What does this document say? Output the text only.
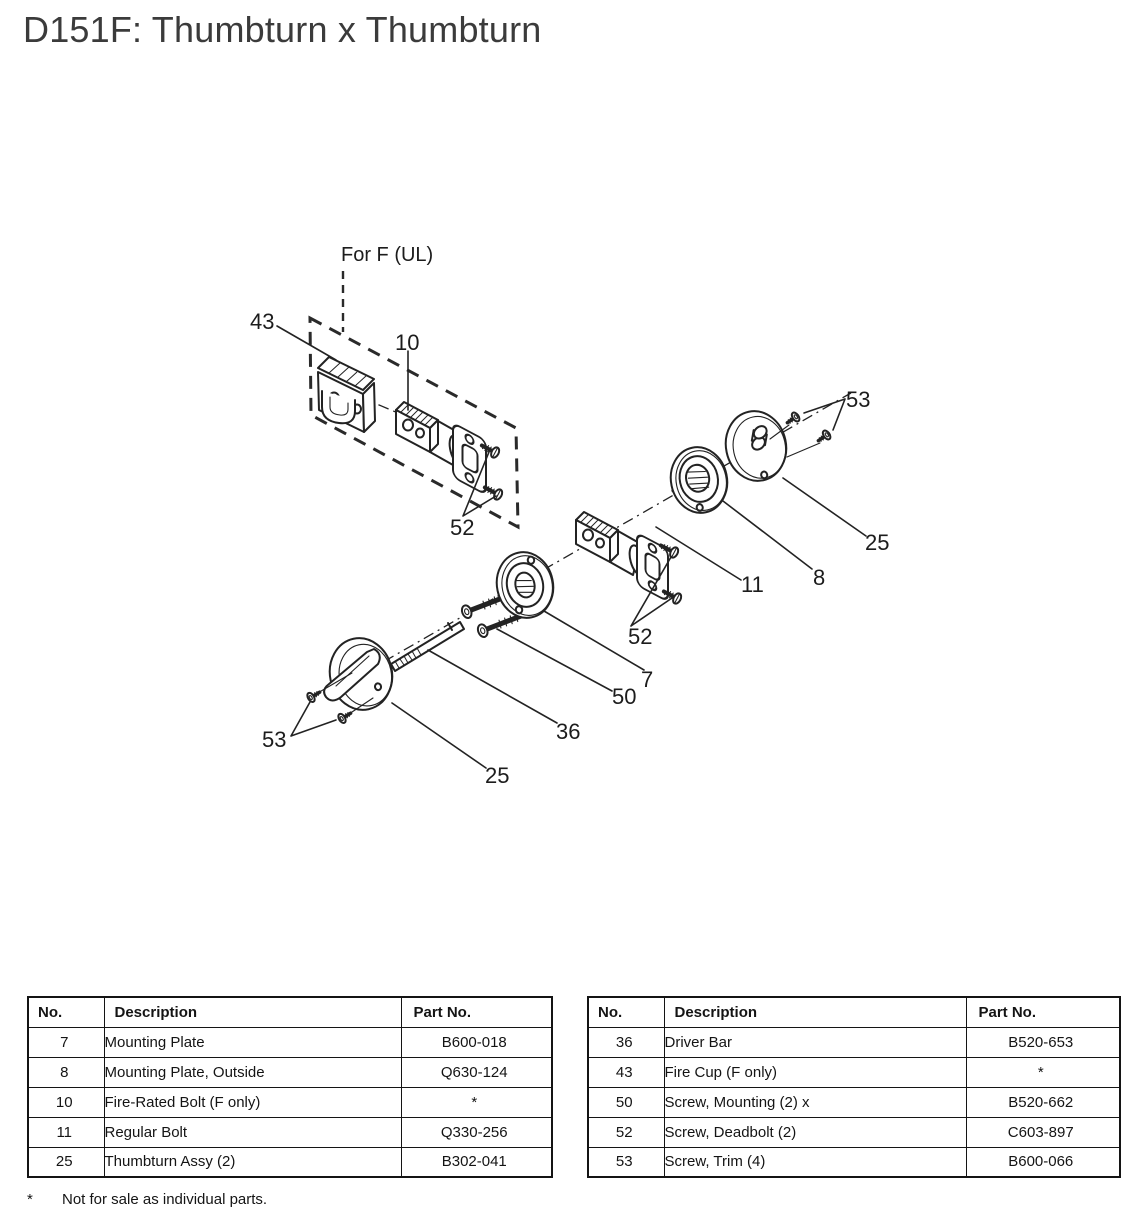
D151F: Thumbturn x Thumbturn
For F (UL)
43
10
52
53
25
8
11
52
7
50
36
53
25
No.	Description	Part No.
7	Mounting Plate	B600-018
8	Mounting Plate, Outside	Q630-124
10	Fire-Rated Bolt (F only)	*
11	Regular Bolt	Q330-256
25	Thumbturn Assy (2)	B302-041
No.	Description	Part No.
36	Driver Bar	B520-653
43	Fire Cup (F only)	*
50	Screw, Mounting (2) x	B520-662
52	Screw, Deadbolt (2)	C603-897
53	Screw, Trim (4)	B600-066
* Not for sale as individual parts.
